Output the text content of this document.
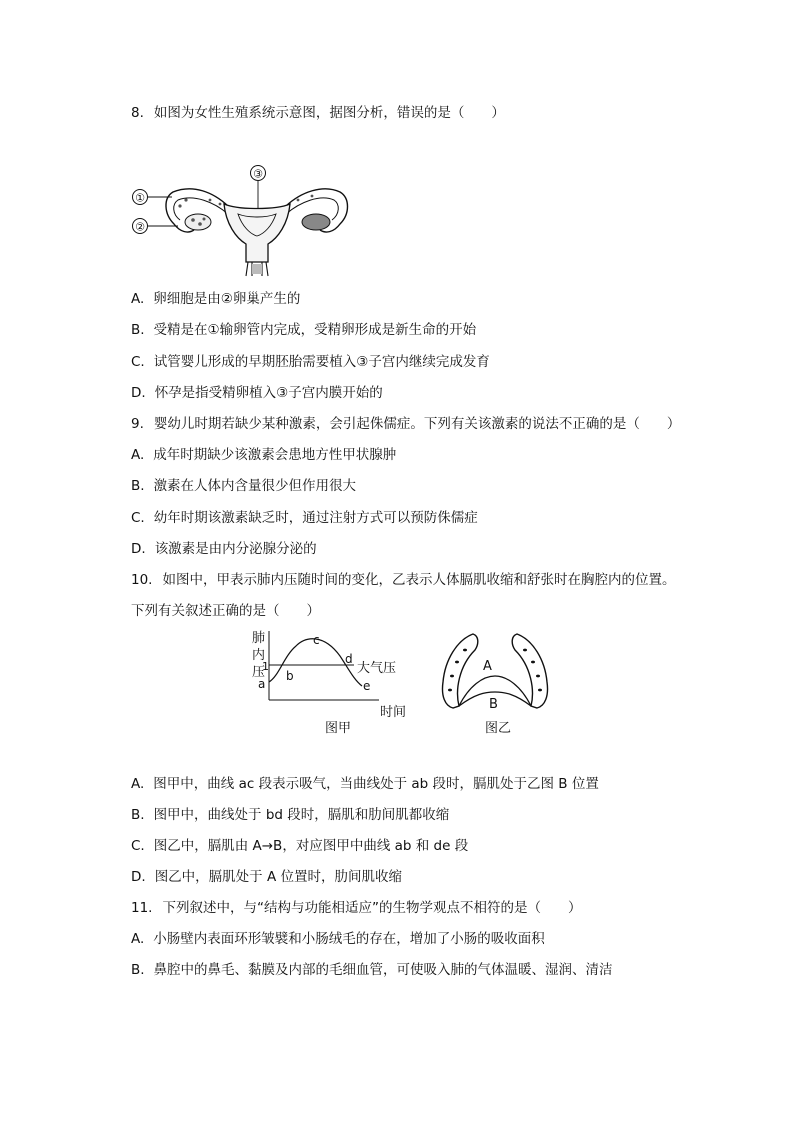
8. 如图为女性生殖系统示意图，据图分析，错误的是（　　）
③
①
②
A. 卵细胞是由②卵巢产生的
B. 受精是在①输卵管内完成，受精卵形成是新生命的开始
C. 试管婴儿形成的早期胚胎需要植入③子宫内继续完成发育
D. 怀孕是指受精卵植入③子宫内膜开始的
9. 婴幼儿时期若缺少某种激素，会引起侏儒症。下列有关该激素的说法不正确的是（　　）
A. 成年时期缺少该激素会患地方性甲状腺肿
B. 激素在人体内含量很少但作用很大
C. 幼年时期该激素缺乏时，通过注射方式可以预防侏儒症
D. 该激素是由内分泌腺分泌的
10. 如图中，甲表示肺内压随时间的变化，乙表示人体膈肌收缩和舒张时在胸腔内的位置。
下列有关叙述正确的是（　　）
肺
内
压
1
a
b
c
d
e
大气压
时间
图甲
A
B
图乙
A. 图甲中，曲线 ac 段表示吸气，当曲线处于 ab 段时，膈肌处于乙图 B 位置
B. 图甲中，曲线处于 bd 段时，膈肌和肋间肌都收缩
C. 图乙中，膈肌由 A→B，对应图甲中曲线 ab 和 de 段
D. 图乙中，膈肌处于 A 位置时，肋间肌收缩
11. 下列叙述中，与“结构与功能相适应”的生物学观点不相符的是（　　）
A. 小肠壁内表面环形皱襞和小肠绒毛的存在，增加了小肠的吸收面积
B. 鼻腔中的鼻毛、黏膜及内部的毛细血管，可使吸入肺的气体温暖、湿润、清洁
